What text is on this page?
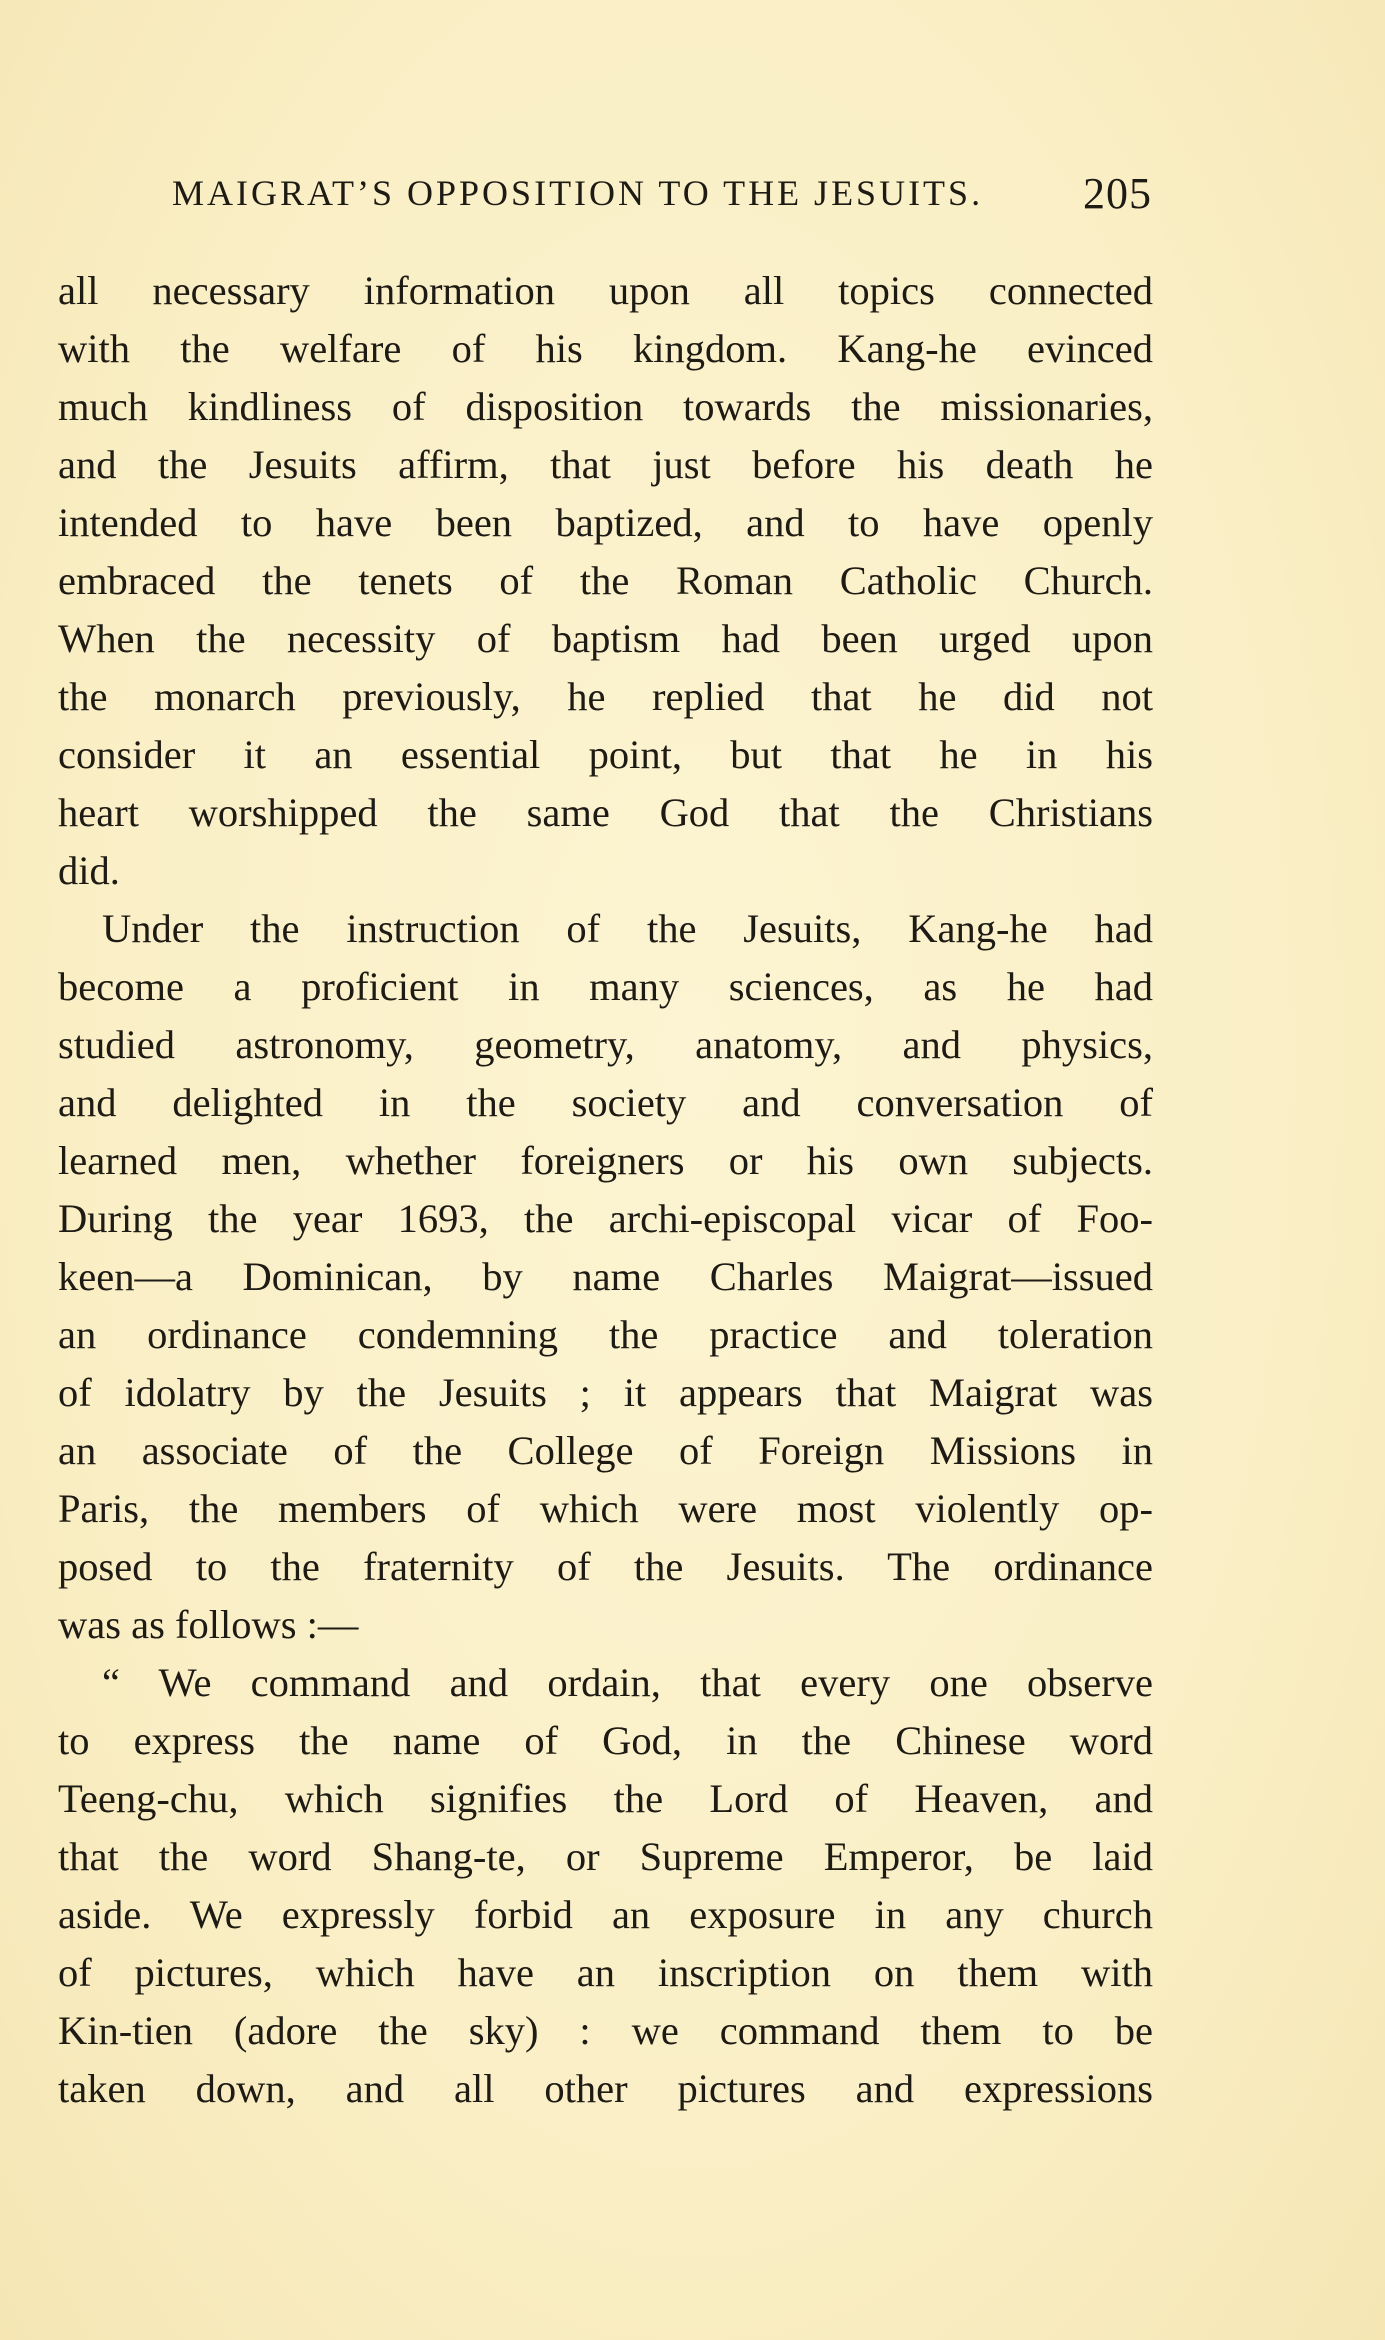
MAIGRAT’S OPPOSITION TO THE JESUITS. 205
all necessary information upon all topics connected
with the welfare of his kingdom. Kang-he evinced
much kindliness of disposition towards the missionaries,
and the Jesuits affirm, that just before his death he
intended to have been baptized, and to have openly
embraced the tenets of the Roman Catholic Church.
When the necessity of baptism had been urged upon
the monarch previously, he replied that he did not
consider it an essential point, but that he in his
heart worshipped the same God that the Christians
did.
Under the instruction of the Jesuits, Kang-he had
become a proficient in many sciences, as he had
studied astronomy, geometry, anatomy, and physics,
and delighted in the society and conversation of
learned men, whether foreigners or his own subjects.
During the year 1693, the archi-episcopal vicar of Foo-
keen—a Dominican, by name Charles Maigrat—issued
an ordinance condemning the practice and toleration
of idolatry by the Jesuits ; it appears that Maigrat was
an associate of the College of Foreign Missions in
Paris, the members of which were most violently op-
posed to the fraternity of the Jesuits. The ordinance
was as follows :—
“ We command and ordain, that every one observe
to express the name of God, in the Chinese word
Teeng-chu, which signifies the Lord of Heaven, and
that the word Shang-te, or Supreme Emperor, be laid
aside. We expressly forbid an exposure in any church
of pictures, which have an inscription on them with
Kin-tien (adore the sky) : we command them to be
taken down, and all other pictures and expressions
